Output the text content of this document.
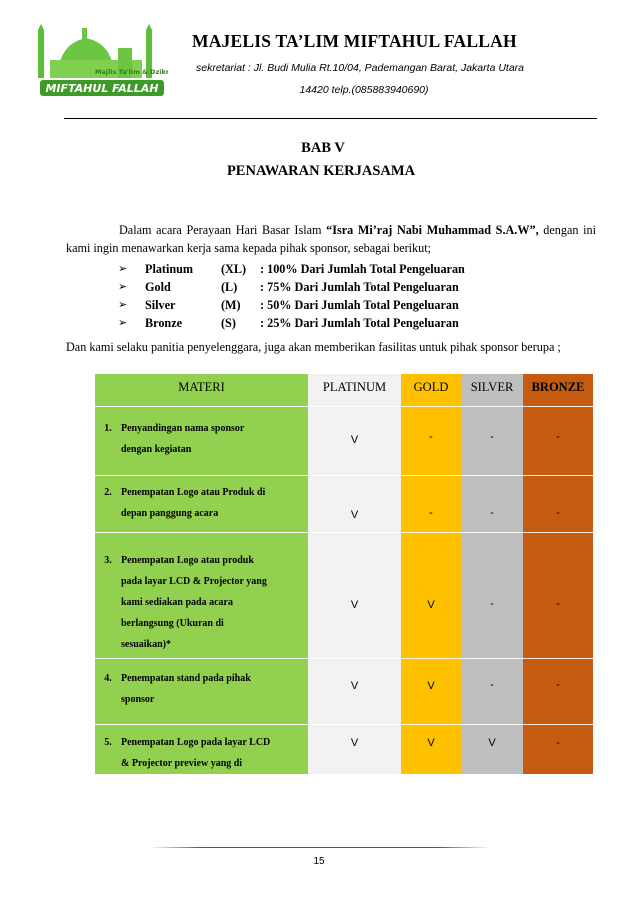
Majlis Ta'lim & Dzikr
MIFTAHUL FALLAH
MAJELIS TA’LIM MIFTAHUL FALLAH
sekretariat : Jl. Budi Mulia Rt.10/04, Pademangan Barat, Jakarta Utara
14420 telp.(085883940690)
BAB V
PENAWARAN KERJASAMA
Dalam acara Perayaan Hari Basar Islam “Isra Mi’raj Nabi Muhammad S.A.W”, dengan ini kami ingin menawarkan kerja sama kepada pihak sponsor, sebagai berikut;
➢ Platinum (XL) : 100% Dari Jumlah Total Pengeluaran
➢ Gold	(L) : 75% Dari Jumlah Total Pengeluaran
➢ Silver	(M) : 50% Dari Jumlah Total Pengeluaran
➢ Bronze	(S) : 25% Dari Jumlah Total Pengeluaran
Dan kami selaku panitia penyelenggara, juga akan memberikan fasilitas untuk pihak sponsor berupa ;
MATERI	PLATINUM	GOLD	SILVER	BRONZE
1. Penyandingan nama sponsor
dengan kegiatan
V	-	-	-
2. Penempatan Logo atau Produk di
depan panggung acara	V	-	-	-
3. Penempatan Logo atau produk
pada layar LCD & Projector yang
kami sediakan pada acara
berlangsung (Ukuran di
sesuaikan)*
V	V	-	-
4. Penempatan stand pada pihak
sponsor
V	V	-	-
5. Penempatan Logo pada layar LCD
& Projector preview yang di
V	V	V	-
15
